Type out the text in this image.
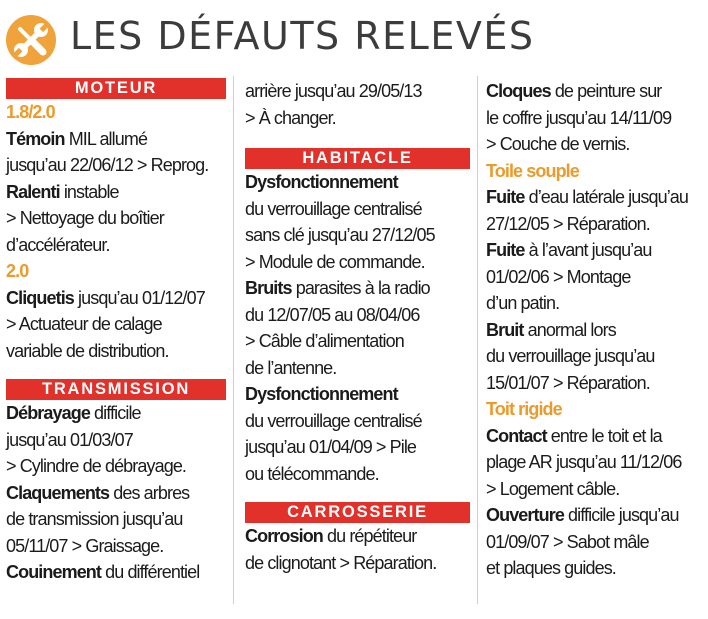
LES DÉFAUTS RELEVÉS
MOTEUR
1.8/2.0
Témoin MIL allumé
jusqu’au 22/06/12 > Reprog.
Ralenti instable
> Nettoyage du boîtier
d’accélérateur.
2.0
Cliquetis jusqu’au 01/12/07
> Actuateur de calage
variable de distribution.
TRANSMISSION
Débrayage difficile
jusqu’au 01/03/07
> Cylindre de débrayage.
Claquements des arbres
de transmission jusqu’au
05/11/07 > Graissage.
Couinement du différentiel
arrière jusqu’au 29/05/13
> À changer.
HABITACLE
Dysfonctionnement
du verrouillage centralisé
sans clé jusqu’au 27/12/05
> Module de commande.
Bruits parasites à la radio
du 12/07/05 au 08/04/06
> Câble d’alimentation
de l’antenne.
Dysfonctionnement
du verrouillage centralisé
jusqu’au 01/04/09 > Pile
ou télécommande.
CARROSSERIE
Corrosion du répétiteur
de clignotant > Réparation.
Cloques de peinture sur
le coffre jusqu’au 14/11/09
> Couche de vernis.
Toile souple
Fuite d’eau latérale jusqu’au
27/12/05 > Réparation.
Fuite à l’avant jusqu’au
01/02/06 > Montage
d’un patin.
Bruit anormal lors
du verrouillage jusqu’au
15/01/07 > Réparation.
Toit rigide
Contact entre le toit et la
plage AR jusqu’au 11/12/06
> Logement câble.
Ouverture difficile jusqu’au
01/09/07 > Sabot mâle
et plaques guides.
